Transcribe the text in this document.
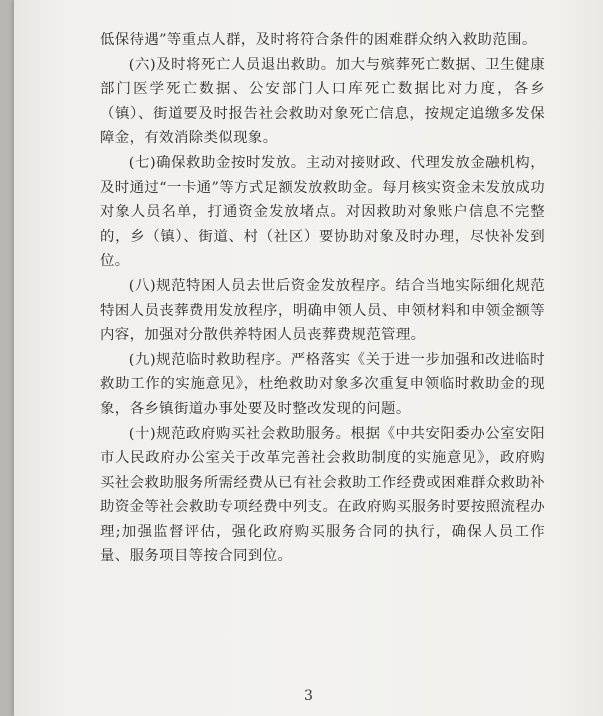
低保待遇”等重点人群，及时将符合条件的困难群众纳入救助范围。

(六)及时将死亡人员退出救助。加大与殡葬死亡数据、卫生健康部门医学死亡数据、公安部门人口库死亡数据比对力度，各乡（镇）、街道要及时报告社会救助对象死亡信息，按规定追缴多发保障金，有效消除类似现象。

(七)确保救助金按时发放。主动对接财政、代理发放金融机构，及时通过“一卡通”等方式足额发放救助金。每月核实资金未发放成功对象人员名单，打通资金发放堵点。对因救助对象账户信息不完整的，乡（镇）、街道、村（社区）要协助对象及时办理，尽快补发到位。

(八)规范特困人员去世后资金发放程序。结合当地实际细化规范特困人员丧葬费用发放程序，明确申领人员、申领材料和申领金额等内容，加强对分散供养特困人员丧葬费规范管理。

(九)规范临时救助程序。严格落实《关于进一步加强和改进临时救助工作的实施意见》，杜绝救助对象多次重复申领临时救助金的现象，各乡镇街道办事处要及时整改发现的问题。

(十)规范政府购买社会救助服务。根据《中共安阳委办公室安阳市人民政府办公室关于改革完善社会救助制度的实施意见》，政府购买社会救助服务所需经费从已有社会救助工作经费或困难群众救助补助资金等社会救助专项经费中列支。在政府购买服务时要按照流程办理;加强监督评估，强化政府购买服务合同的执行，确保人员工作量、服务项目等按合同到位。

3
